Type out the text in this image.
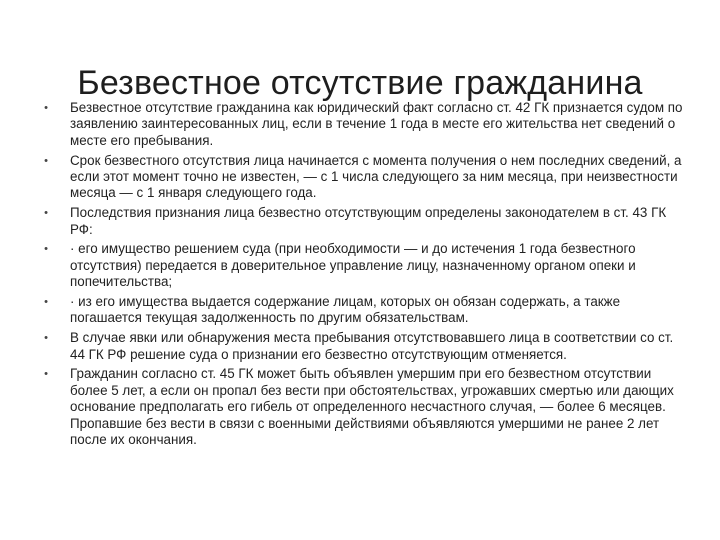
Безвестное отсутствие гражданина
•	Безвестное отсутствие гражданина как юридический факт согласно ст. 42 ГК признается судом по заявлению заинтересованных лиц, если в течение 1 года в месте его жительства нет сведений о месте его пребывания.
•	Срок безвестного отсутствия лица начинается с момента получения о нем последних сведений, а если этот момент точно не известен, — с 1 числа следующего за ним месяца, при неизвестности месяца — с 1 января следующего года.
•	Последствия признания лица безвестно отсутствующим определены законодателем в ст. 43 ГК РФ:
•	· его имущество решением суда (при необходимости — и до истечения 1 года безвестного отсутствия) передается в доверительное управление лицу, назначенному органом опеки и попечительства;
•	· из его имущества выдается содержание лицам, которых он обязан содержать, а также погашается текущая задолженность по другим обязательствам.
•	В случае явки или обнаружения места пребывания отсутствовавшего лица в соответствии со ст. 44 ГК РФ решение суда о признании его безвестно отсутствующим отменяется.
•	Гражданин согласно ст. 45 ГК может быть объявлен умершим при его безвестном отсутствии более 5 лет, а если он пропал без вести при обстоятельствах, угрожавших смертью или дающих основание предполагать его гибель от определенного несчастного случая, — более 6 месяцев. Пропавшие без вести в связи с военными действиями объявляются умершими не ранее 2 лет после их окончания.
